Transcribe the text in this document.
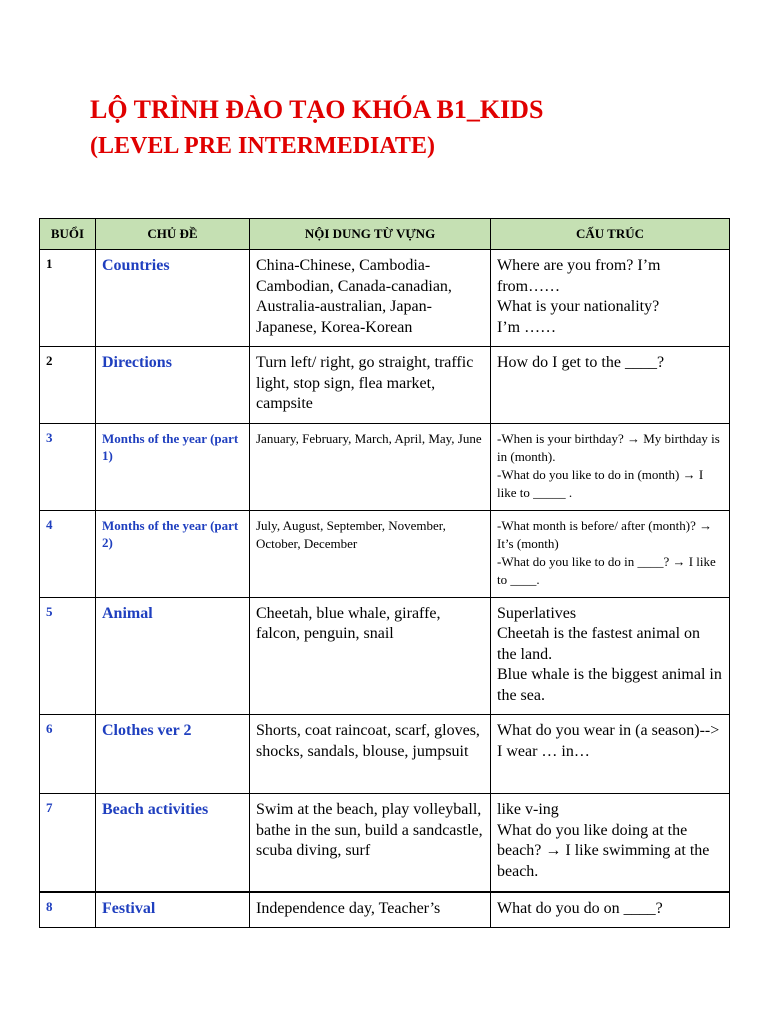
LỘ TRÌNH ĐÀO TẠO KHÓA B1_KIDS
(LEVEL PRE INTERMEDIATE)
BUỔI	CHỦ ĐỀ	NỘI DUNG TỪ VỰNG	CẤU TRÚC
1	Countries	China-Chinese, Cambodia-Cambodian, Canada-canadian, Australia-australian, Japan-Japanese, Korea-Korean	Where are you from? I’m from……
What is your nationality?
I’m ……

2	Directions	Turn left/ right, go straight, traffic light, stop sign, flea market, campsite	How do I get to the ____?

3	Months of the year (part 1)	January, February, March, April, May, June	-When is your birthday? → My birthday is in (month).
-What do you like to do in (month) → I like to _____ .

4	Months of the year (part 2)	July, August, September, November, October, December	-What month is before/ after (month)? → It’s (month)
-What do you like to do in ____? → I like to ____.

5	Animal	Cheetah, blue whale, giraffe, falcon, penguin, snail	Superlatives
Cheetah is the fastest animal on the land.
Blue whale is the biggest animal in the sea.

6	Clothes ver 2	Shorts, coat raincoat, scarf, gloves, shocks, sandals, blouse, jumpsuit	What do you wear in (a season)--> I wear … in…

7	Beach activities	Swim at the beach, play volleyball, bathe in the sun, build a sandcastle, scuba diving, surf	like v-ing
What do you like doing at the beach? → I like swimming at the beach.

8	Festival	Independence day, Teacher’s	What do you do on ____?
